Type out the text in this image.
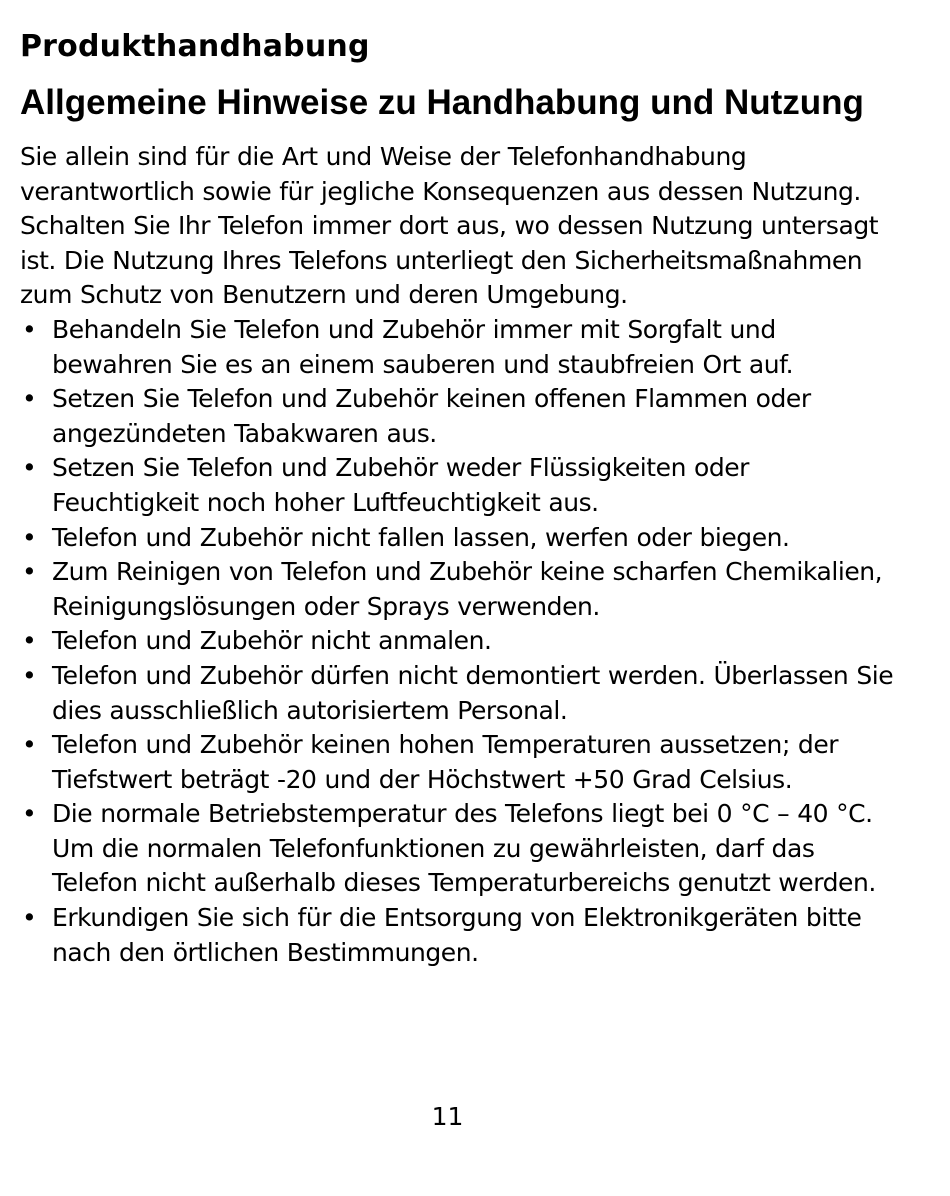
Produkthandhabung
Allgemeine Hinweise zu Handhabung und Nutzung

Sie allein sind für die Art und Weise der Telefonhandhabung verantwortlich sowie für jegliche Konsequenzen aus dessen Nutzung. Schalten Sie Ihr Telefon immer dort aus, wo dessen Nutzung untersagt ist. Die Nutzung Ihres Telefons unterliegt den Sicherheitsmaßnahmen zum Schutz von Benutzern und deren Umgebung.

• Behandeln Sie Telefon und Zubehör immer mit Sorgfalt und bewahren Sie es an einem sauberen und staubfreien Ort auf.
• Setzen Sie Telefon und Zubehör keinen offenen Flammen oder angezündeten Tabakwaren aus.
• Setzen Sie Telefon und Zubehör weder Flüssigkeiten oder Feuchtigkeit noch hoher Luftfeuchtigkeit aus.
• Telefon und Zubehör nicht fallen lassen, werfen oder biegen.
• Zum Reinigen von Telefon und Zubehör keine scharfen Chemikalien, Reinigungslösungen oder Sprays verwenden.
• Telefon und Zubehör nicht anmalen.
• Telefon und Zubehör dürfen nicht demontiert werden. Überlassen Sie dies ausschließlich autorisiertem Personal.
• Telefon und Zubehör keinen hohen Temperaturen aussetzen; der Tiefstwert beträgt -20 und der Höchstwert +50 Grad Celsius.
• Die normale Betriebstemperatur des Telefons liegt bei 0 °C – 40 °C. Um die normalen Telefonfunktionen zu gewährleisten, darf das Telefon nicht außerhalb dieses Temperaturbereichs genutzt werden.
• Erkundigen Sie sich für die Entsorgung von Elektronikgeräten bitte nach den örtlichen Bestimmungen.
11
